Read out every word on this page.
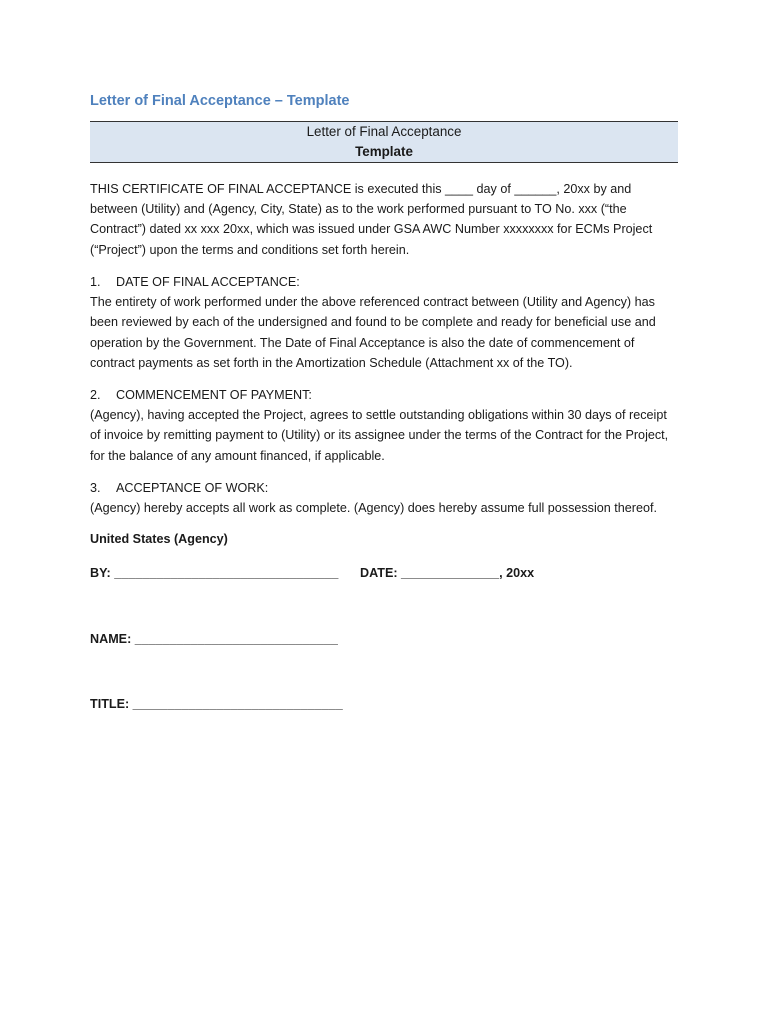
Letter of Final Acceptance – Template
Letter of Final Acceptance
Template
THIS CERTIFICATE OF FINAL ACCEPTANCE is executed this ____ day of ______, 20xx by and between (Utility) and (Agency, City, State) as to the work performed pursuant to TO No. xxx (“the Contract”) dated xx xxx 20xx, which was issued under GSA AWC Number xxxxxxxx for ECMs Project (“Project”) upon the terms and conditions set forth herein.
1. DATE OF FINAL ACCEPTANCE:
The entirety of work performed under the above referenced contract between (Utility and Agency) has been reviewed by each of the undersigned and found to be complete and ready for beneficial use and operation by the Government. The Date of Final Acceptance is also the date of commencement of contract payments as set forth in the Amortization Schedule (Attachment xx of the TO).
2. COMMENCEMENT OF PAYMENT:
(Agency), having accepted the Project, agrees to settle outstanding obligations within 30 days of receipt of invoice by remitting payment to (Utility) or its assignee under the terms of the Contract for the Project, for the balance of any amount financed, if applicable.
3. ACCEPTANCE OF WORK:
(Agency) hereby accepts all work as complete. (Agency) does hereby assume full possession thereof.
United States (Agency)
BY: ________________________________ DATE: ______________, 20xx
NAME: _____________________________
TITLE: ______________________________
